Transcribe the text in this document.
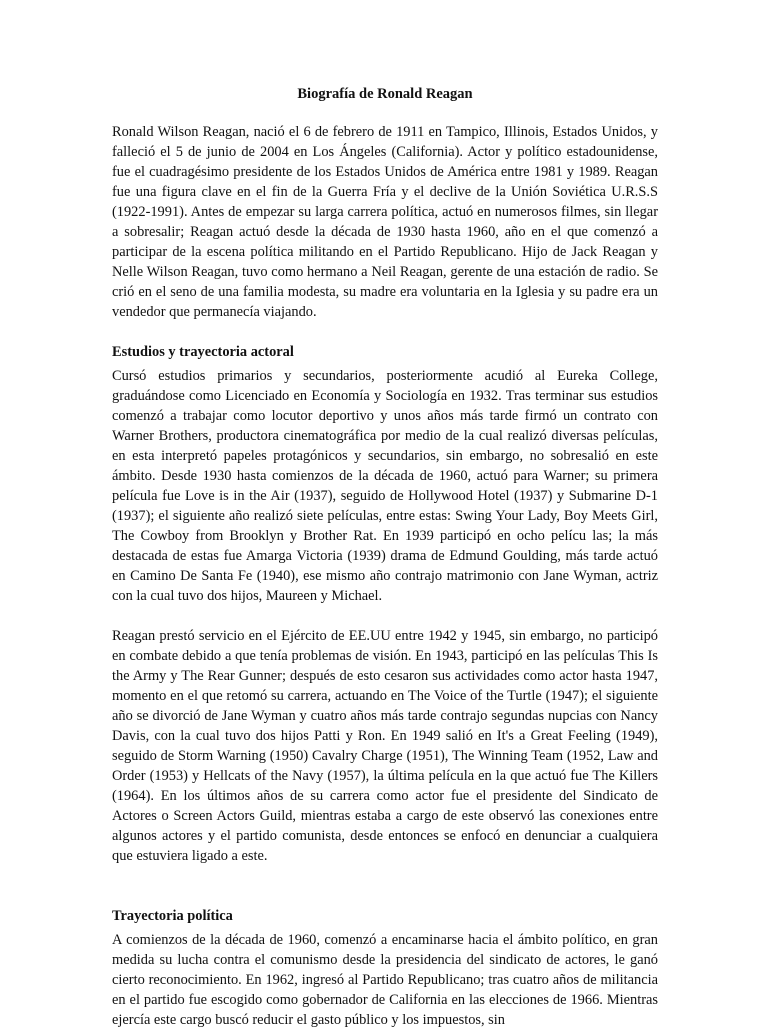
Biografía de Ronald Reagan

Ronald Wilson Reagan, nació el 6 de febrero de 1911 en Tampico, Illinois, Estados Unidos, y falleció el 5 de junio de 2004 en Los Ángeles (California). Actor y político estadounidense, fue el cuadragésimo presidente de los Estados Unidos de América entre 1981 y 1989. Reagan fue una figura clave en el fin de la Guerra Fría y el declive de la Unión Soviética U.R.S.S (1922-1991). Antes de empezar su larga carrera política, actuó en numerosos filmes, sin llegar a sobresalir; Reagan actuó desde la década de 1930 hasta 1960, año en el que comenzó a participar de la escena política militando en el Partido Republicano. Hijo de Jack Reagan y Nelle Wilson Reagan, tuvo como hermano a Neil Reagan, gerente de una estación de radio. Se crió en el seno de una familia modesta, su madre era voluntaria en la Iglesia y su padre era un vendedor que permanecía viajando.

Estudios y trayectoria actoral

Cursó estudios primarios y secundarios, posteriormente acudió al Eureka College, graduándose como Licenciado en Economía y Sociología en 1932. Tras terminar sus estudios comenzó a trabajar como locutor deportivo y unos años más tarde firmó un contrato con Warner Brothers, productora cinematográfica por medio de la cual realizó diversas películas, en esta interpretó papeles protagónicos y secundarios, sin embargo, no sobresalió en este ámbito. Desde 1930 hasta comienzos de la década de 1960, actuó para Warner; su primera película fue Love is in the Air (1937), seguido de Hollywood Hotel (1937) y Submarine D-1 (1937); el siguiente año realizó siete películas, entre estas: Swing Your Lady, Boy Meets Girl, The Cowboy from Brooklyn y Brother Rat. En 1939 participó en ocho pelícu las; la más destacada de estas fue Amarga Victoria (1939) drama de Edmund Goulding, más tarde actuó en Camino De Santa Fe (1940), ese mismo año contrajo matrimonio con Jane Wyman, actriz con la cual tuvo dos hijos, Maureen y Michael.

Reagan prestó servicio en el Ejército de EE.UU entre 1942 y 1945, sin embargo, no participó en combate debido a que tenía problemas de visión. En 1943, participó en las películas This Is the Army y The Rear Gunner; después de esto cesaron sus actividades como actor hasta 1947, momento en el que retomó su carrera, actuando en The Voice of the Turtle (1947); el siguiente año se divorció de Jane Wyman y cuatro años más tarde contrajo segundas nupcias con Nancy Davis, con la cual tuvo dos hijos Patti y Ron. En 1949 salió en It's a Great Feeling (1949), seguido de Storm Warning (1950) Cavalry Charge (1951), The Winning Team (1952, Law and Order (1953) y Hellcats of the Navy (1957), la última película en la que actuó fue The Killers (1964). En los últimos años de su carrera como actor fue el presidente del Sindicato de Actores o Screen Actors Guild, mientras estaba a cargo de este observó las conexiones entre algunos actores y el partido comunista, desde entonces se enfocó en denunciar a cualquiera que estuviera ligado a este.

Trayectoria política

A comienzos de la década de 1960, comenzó a encaminarse hacia el ámbito político, en gran medida su lucha contra el comunismo desde la presidencia del sindicato de actores, le ganó cierto reconocimiento. En 1962, ingresó al Partido Republicano; tras cuatro años de militancia en el partido fue escogido como gobernador de California en las elecciones de 1966. Mientras ejercía este cargo buscó reducir el gasto público y los impuestos, sin
